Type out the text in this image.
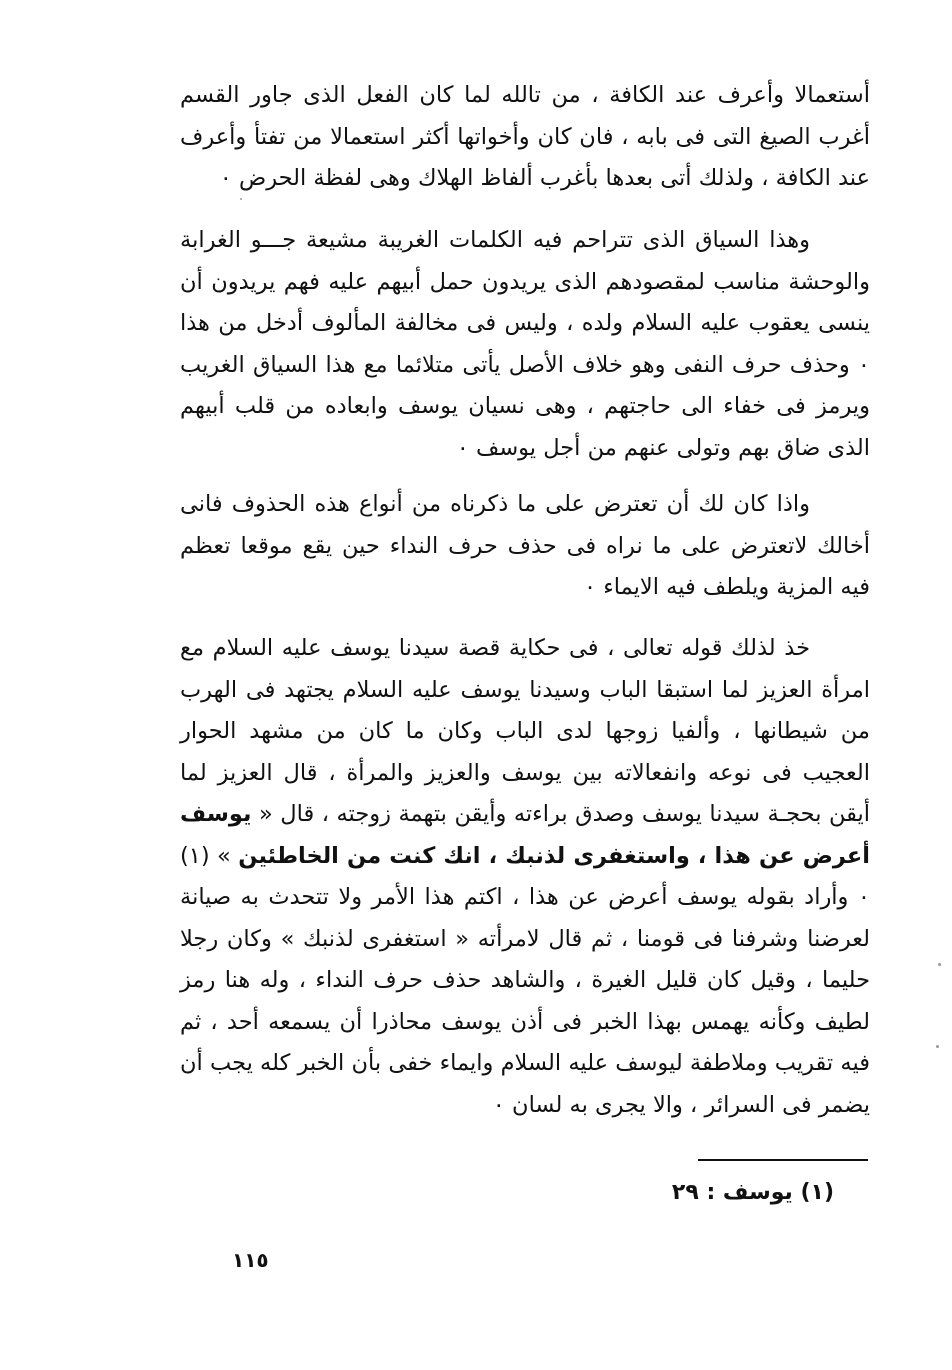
أستعمالا وأعرف عند الكافة ، من تالله لما كان الفعل الذى جاور القسم أغرب الصيغ التى فى بابه ، فان كان وأخواتها أكثر استعمالا من تفتأ وأعرف عند الكافة ، ولذلك أتى بعدها بأغرب ألفاظ الهلاك وهى لفظة الحرض ٠

وهذا السياق الذى تتراحم فيه الكلمات الغريبة مشيعة جـــو الغرابة والوحشة مناسب لمقصودهم الذى يريدون حمل أبيهم عليه فهم يريدون أن ينسى يعقوب عليه السلام ولده ، وليس فى مخالفة المألوف أدخل من هذا ٠ وحذف حرف النفى وهو خلاف الأصل يأتى متلائما مع هذا السياق الغريب ويرمز فى خفاء الى حاجتهم ، وهى نسيان يوسف وابعاده من قلب أبيهم الذى ضاق بهم وتولى عنهم من أجل يوسف ٠

واذا كان لك أن تعترض على ما ذكرناه من أنواع هذه الحذوف فانى أخالك لاتعترض على ما نراه فى حذف حرف النداء حين يقع موقعا تعظم فيه المزية ويلطف فيه الايماء ٠

خذ لذلك قوله تعالى ، فى حكاية قصة سيدنا يوسف عليه السلام مع امرأة العزيز لما استبقا الباب وسيدنا يوسف عليه السلام يجتهد فى الهرب من شيطانها ، وألفيا زوجها لدى الباب وكان ما كان من مشهد الحوار العجيب فى نوعه وانفعالاته بين يوسف والعزيز والمرأة ، قال العزيز لما أيقن بحجـة سيدنا يوسف وصدق براءته وأيقن بتهمة زوجته ، قال « يوسف أعرض عن هذا ، واستغفرى لذنبك ، انك كنت من الخاطئين » (١) ٠ وأراد بقوله يوسف أعرض عن هذا ، اكتم هذا الأمر ولا تتحدث به صيانة لعرضنا وشرفنا فى قومنا ، ثم قال لامرأته « استغفرى لذنبك » وكان رجلا حليما ، وقيل كان قليل الغيرة ، والشاهد حذف حرف النداء ، وله هنا رمز لطيف وكأنه يهمس بهذا الخبر فى أذن يوسف محاذرا أن يسمعه أحد ، ثم فيه تقريب وملاطفة ليوسف عليه السلام وايماء خفى بأن الخبر كله يجب أن يضمر فى السرائر ، والا يجرى به لسان ٠

(١) يوسف : ٢٩
١١٥
